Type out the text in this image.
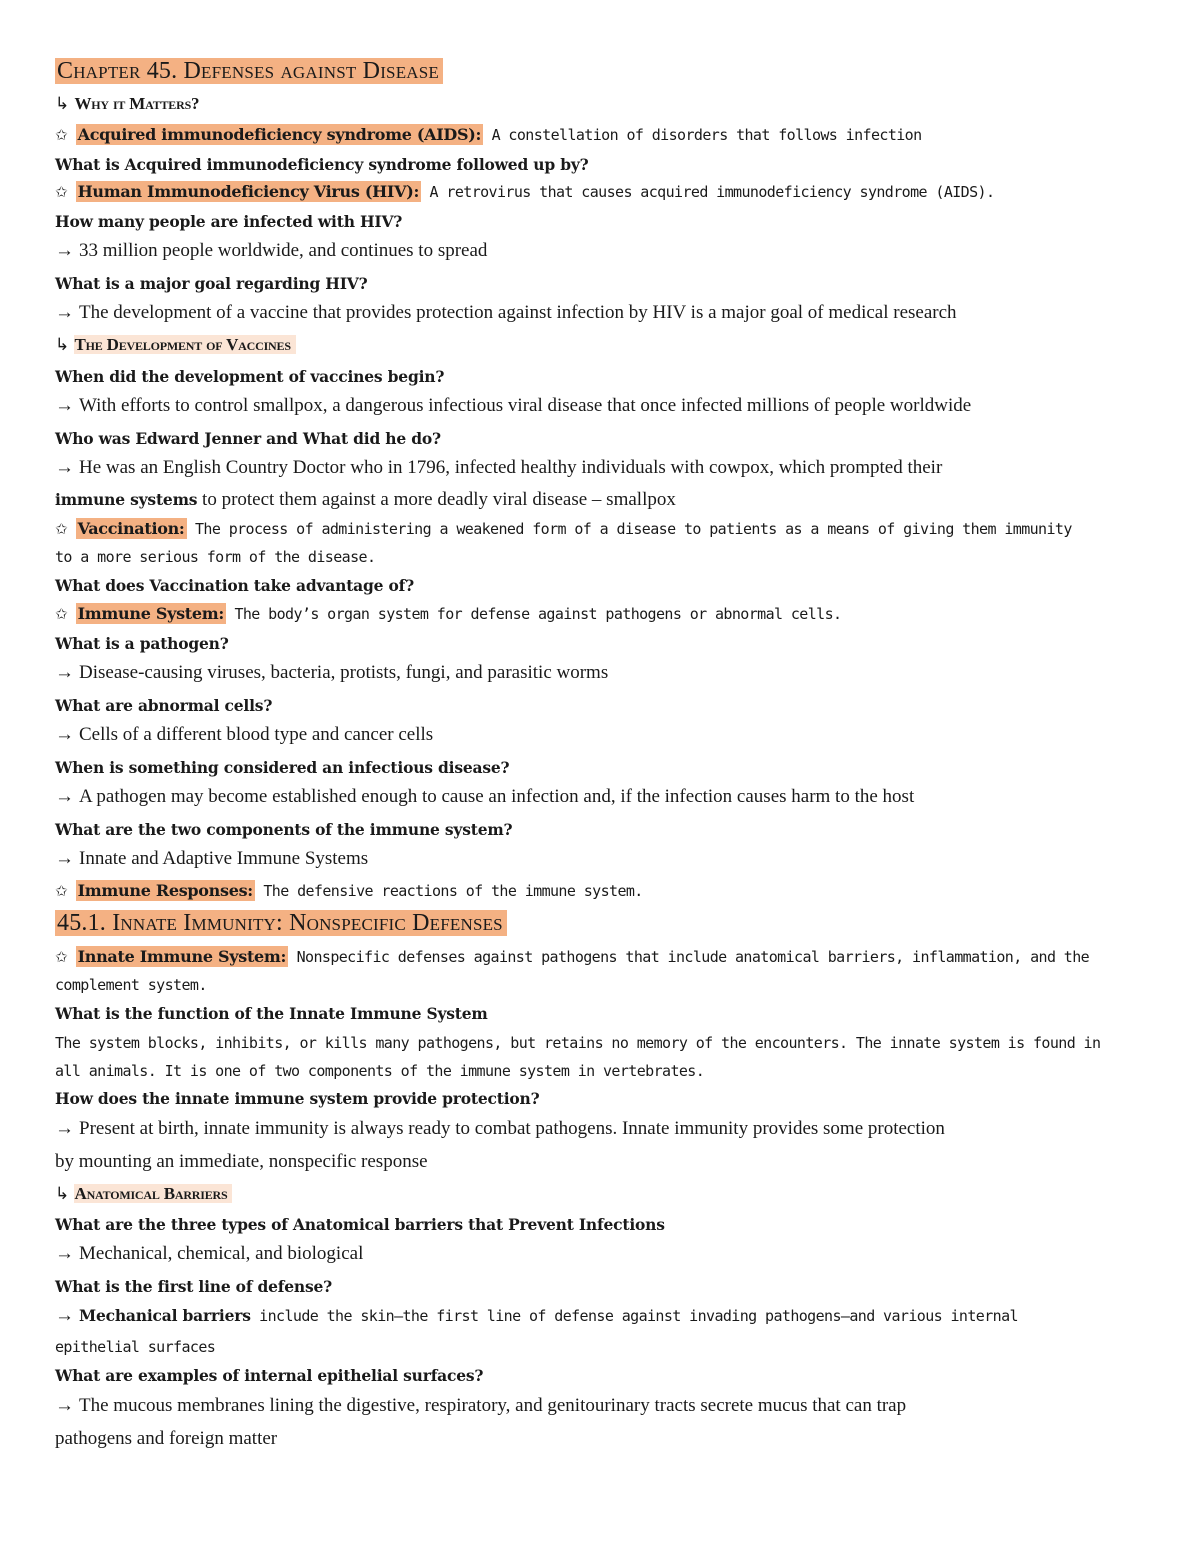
Chapter 45. Defenses against Disease
↳ Why it Matters?
✩ Acquired immunodeficiency syndrome (AIDS): A constellation of disorders that follows infection
What is Acquired immunodeficiency syndrome followed up by?
✩ Human Immunodeficiency Virus (HIV): A retrovirus that causes acquired immunodeficiency syndrome (AIDS).
How many people are infected with HIV?
→ 33 million people worldwide, and continues to spread
What is a major goal regarding HIV?
→ The development of a vaccine that provides protection against infection by HIV is a major goal of medical research
↳ The Development of Vaccines
When did the development of vaccines begin?
→ With efforts to control smallpox, a dangerous infectious viral disease that once infected millions of people worldwide
Who was Edward Jenner and What did he do?
→ He was an English Country Doctor who in 1796, infected healthy individuals with cowpox, which prompted their
immune systems to protect them against a more deadly viral disease – smallpox
✩ Vaccination: The process of administering a weakened form of a disease to patients as a means of giving them immunity
to a more serious form of the disease.
What does Vaccination take advantage of?
✩ Immune System: The body’s organ system for defense against pathogens or abnormal cells.
What is a pathogen?
→ Disease-causing viruses, bacteria, protists, fungi, and parasitic worms
What are abnormal cells?
→ Cells of a different blood type and cancer cells
When is something considered an infectious disease?
→ A pathogen may become established enough to cause an infection and, if the infection causes harm to the host
What are the two components of the immune system?
→ Innate and Adaptive Immune Systems
✩ Immune Responses: The defensive reactions of the immune system.
45.1. Innate Immunity: Nonspecific Defenses
✩ Innate Immune System: Nonspecific defenses against pathogens that include anatomical barriers, inflammation, and the
complement system.
What is the function of the Innate Immune System
The system blocks, inhibits, or kills many pathogens, but retains no memory of the encounters. The innate system is found in
all animals. It is one of two components of the immune system in vertebrates.
How does the innate immune system provide protection?
→ Present at birth, innate immunity is always ready to combat pathogens. Innate immunity provides some protection
by mounting an immediate, nonspecific response
↳ Anatomical Barriers
What are the three types of Anatomical barriers that Prevent Infections
→ Mechanical, chemical, and biological
What is the first line of defense?
→ Mechanical barriers include the skin—the first line of defense against invading pathogens—and various internal
epithelial surfaces
What are examples of internal epithelial surfaces?
→ The mucous membranes lining the digestive, respiratory, and genitourinary tracts secrete mucus that can trap
pathogens and foreign matter
